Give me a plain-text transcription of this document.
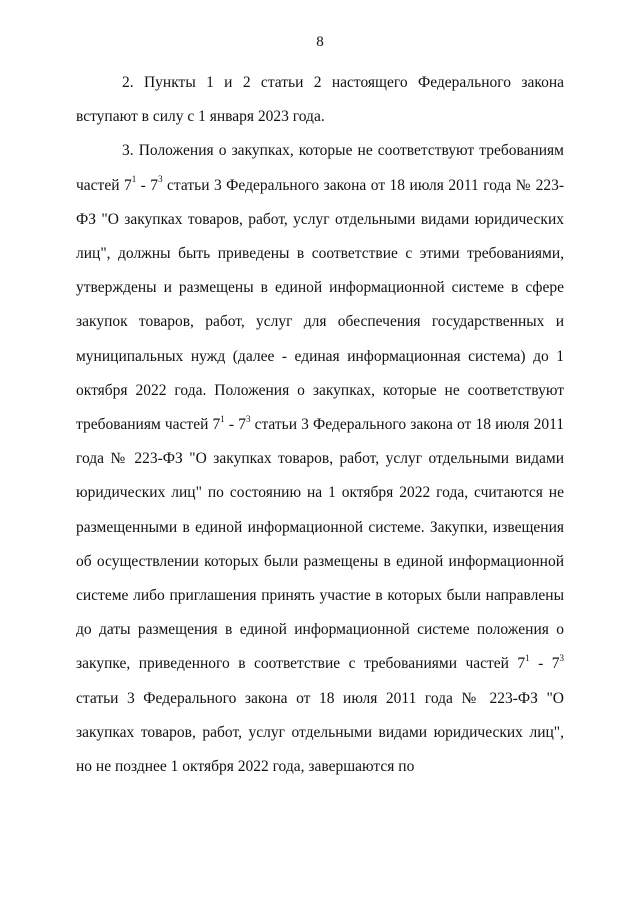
8

2. Пункты 1 и 2 статьи 2 настоящего Федерального закона вступают в силу с 1 января 2023 года.

3. Положения о закупках, которые не соответствуют требованиям частей $7^1 - 7^3$ статьи 3 Федерального закона от 18 июля 2011 года № 223-ФЗ "О закупках товаров, работ, услуг отдельными видами юридических лиц", должны быть приведены в соответствие с этими требованиями, утверждены и размещены в единой информационной системе в сфере закупок товаров, работ, услуг для обеспечения государственных и муниципальных нужд (далее - единая информационная система) до 1 октября 2022 года. Положения о закупках, которые не соответствуют требованиям частей $7^1 - 7^3$ статьи 3 Федерального закона от 18 июля 2011 года № 223-ФЗ "О закупках товаров, работ, услуг отдельными видами юридических лиц" по состоянию на 1 октября 2022 года, считаются не размещенными в единой информационной системе. Закупки, извещения об осуществлении которых были размещены в единой информационной системе либо приглашения принять участие в которых были направлены до даты размещения в единой информационной системе положения о закупке, приведенного в соответствие с требованиями частей $7^1 - 7^3$ статьи 3 Федерального закона от 18 июля 2011 года № 223-ФЗ "О закупках товаров, работ, услуг отдельными видами юридических лиц", но не позднее 1 октября 2022 года, завершаются по
